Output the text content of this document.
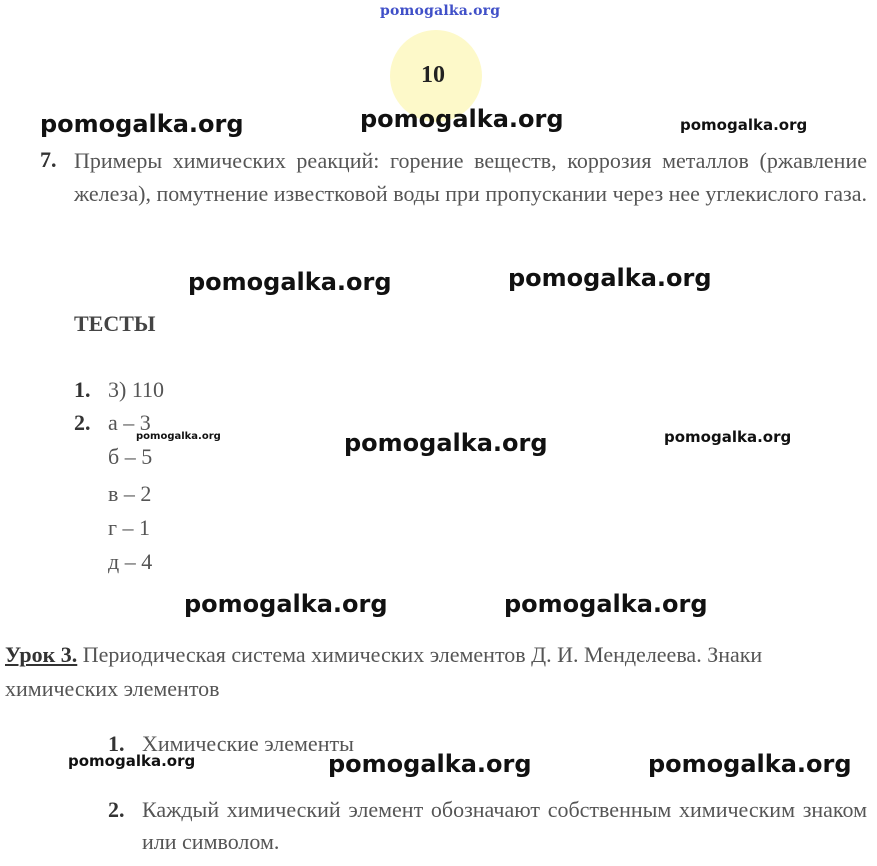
pomogalka.org
10
pomogalka.org	pomogalka.org	pomogalka.org
7. Примеры химических реакций: горение веществ, коррозия металлов (ржавление железа), помутнение известковой воды при пропускании через нее углекислого газа.
pomogalka.org	pomogalka.org
ТЕСТЫ
1. 3) 110
2. а – 3
б – 5
в – 2
г – 1
д – 4
pomogalka.org	pomogalka.org	pomogalka.org
pomogalka.org	pomogalka.org
Урок 3. Периодическая система химических элементов Д. И. Менделеева. Знаки химических элементов
1. Химические элементы
pomogalka.org	pomogalka.org	pomogalka.org
2. Каждый химический элемент обозначают собственным химическим знаком или символом.
